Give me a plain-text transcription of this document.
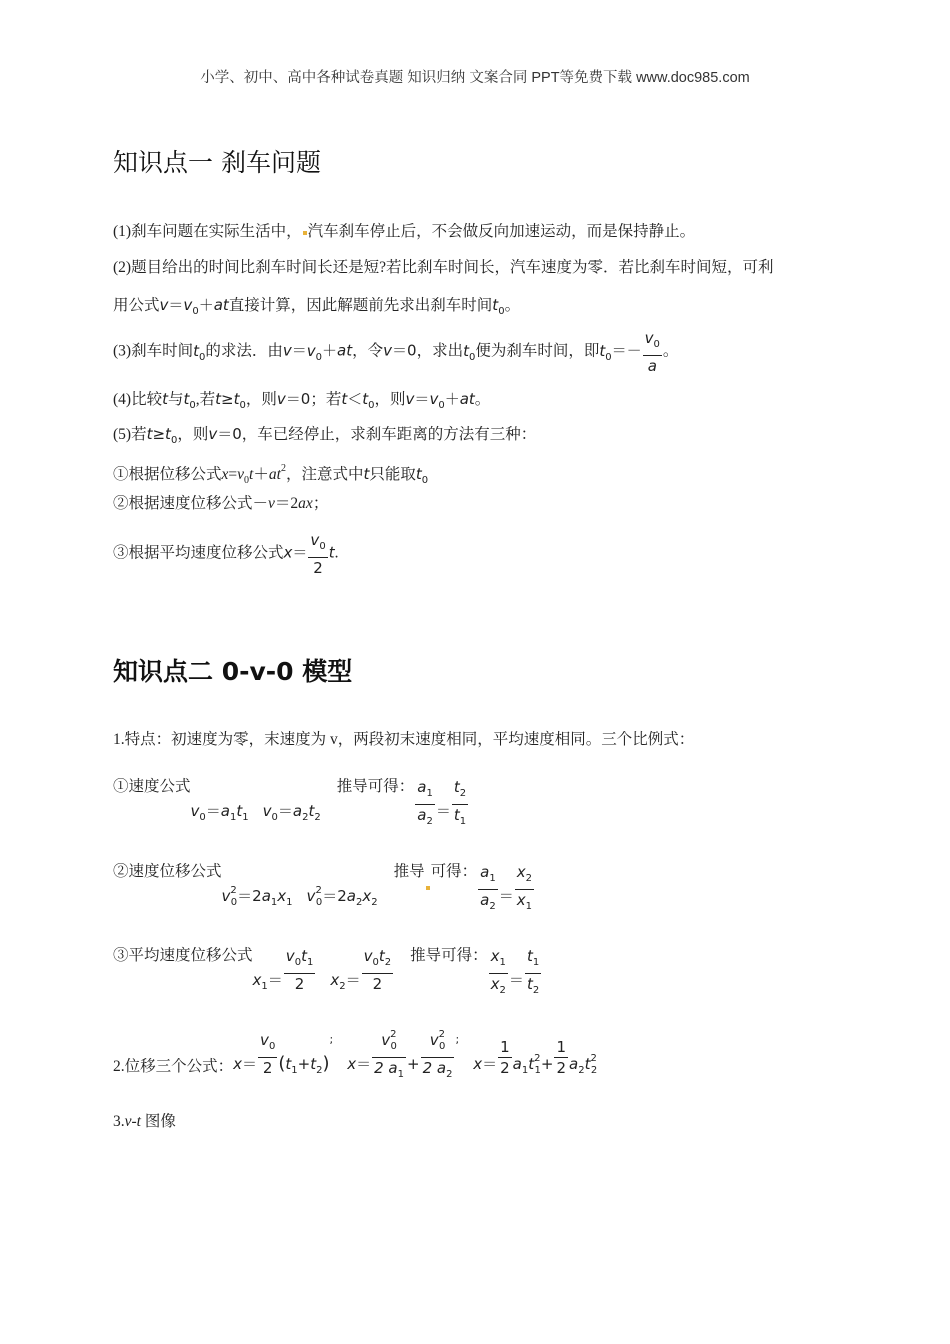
小学、初中、高中各种试卷真题 知识归纳 文案合同 PPT等免费下载 www.doc985.com
知识点一 刹车问题
(1)刹车问题在实际生活中， 汽车刹车停止后，不会做反向加速运动，而是保持静止。
(2)题目给出的时间比刹车时间长还是短?若比刹车时间长，汽车速度为零．若比刹车时间短，可利
用公式$v=v_0+at$直接计算，因此解题前先求出刹车时间$t_0$。
(3)刹车时间$t_0$的求法．由$v=v_0+at$，令v＝0，求出$t_0$便为刹车时间，即$t_0=- \frac{v_0}{a}$ 。
(4)比较t与$t_0$,若$t\ge t_0$，则v＝0；若$t<t_0$，则$v=v_0+at$。
(5)若$t\ge t_0$，则v＝0，车已经停止，求刹车距离的方法有三种：
①根据位移公式$x=v_0t+at^2$，注意式中t只能取$t_0$
②根据速度位移公式－v＝2ax；
③根据平均速度位移公式$x= \frac{v_0}{2} t$.
知识点二 0-v-0 模型
1.特点：初速度为零，末速度为 v，两段初末速度相同，平均速度相同。三个比例式：
①速度公式$v_0=a_1t_1$ $v_0=a_2t_2$推导可得： $\frac{a_1}{a_2} = \frac{t_2}{t_1}$
②速度位移公式$v^2_0=2a_1x_1$ $v^2_0=2a_2x_2$推导 可得： $\frac{a_1}{a_2} = \frac{x_2}{x_1}$
③平均速度位移公式$x_1= \frac{v_0t_1}{2} x_2= \frac{v_0t_2}{2}$ 推导可得： $\frac{x_1}{x_2} = \frac{t_1}{t_2}$
2.位移三个公式：$x= \frac{v_0}{2} (t_1+t_2)^;x= \frac{v^2_0}{2 a_1} + \frac{v^2_0}{2 a_2} ^;x= \frac{1}{2} a_1t^2_1+ \frac{1}{2} a_2t^2_2$
3.v-t 图像
